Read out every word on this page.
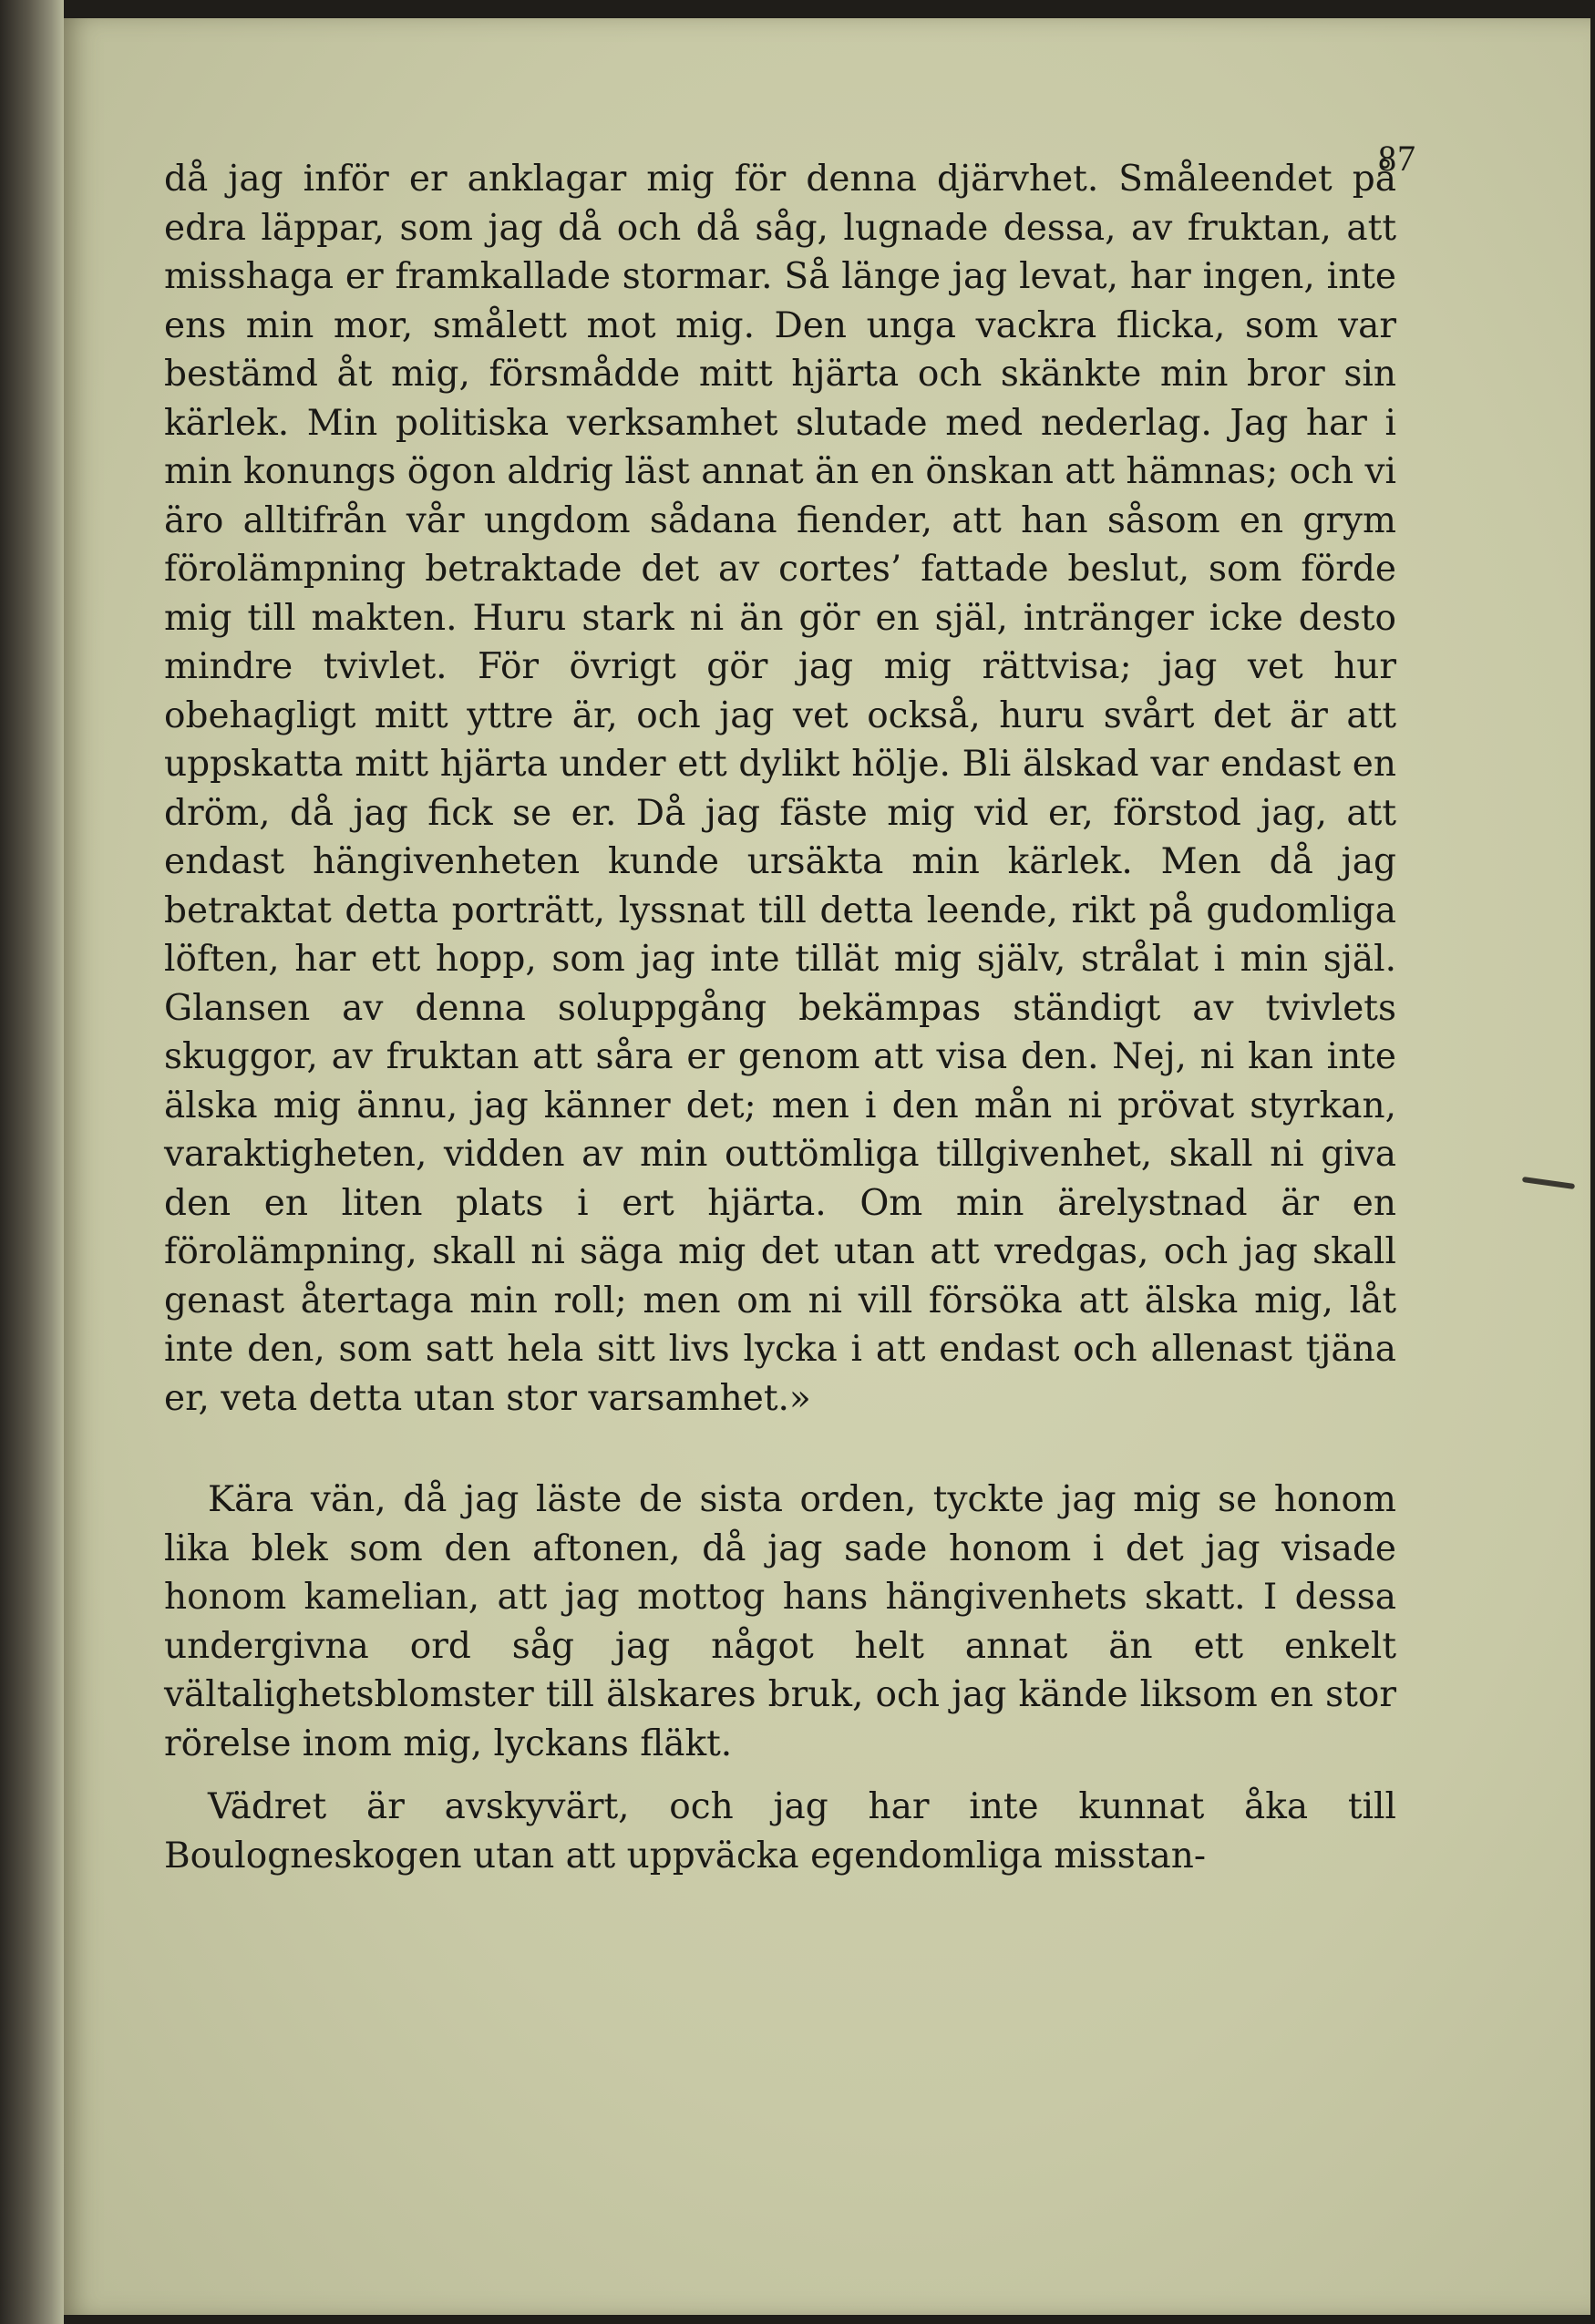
87

då jag inför er anklagar mig för denna djärvhet. Småleendet på edra läppar, som jag då och då såg, lugnade dessa, av fruktan, att misshaga er framkallade stormar. Så länge jag levat, har ingen, inte ens min mor, smålett mot mig. Den unga vackra flicka, som var bestämd åt mig, försmådde mitt hjärta och skänkte min bror sin kärlek. Min politiska verksamhet slutade med nederlag. Jag har i min konungs ögon aldrig läst annat än en önskan att hämnas; och vi äro alltifrån vår ungdom sådana fiender, att han såsom en grym förolämpning betraktade det av cortes’ fattade beslut, som förde mig till makten. Huru stark ni än gör en själ, intränger icke desto mindre tvivlet. För övrigt gör jag mig rättvisa; jag vet hur obehagligt mitt yttre är, och jag vet också, huru svårt det är att uppskatta mitt hjärta under ett dylikt hölje. Bli älskad var endast en dröm, då jag fick se er. Då jag fäste mig vid er, förstod jag, att endast hängivenheten kunde ursäkta min kärlek. Men då jag betraktat detta porträtt, lyssnat till detta leende, rikt på gudomliga löften, har ett hopp, som jag inte tillät mig själv, strålat i min själ. Glansen av denna soluppgång bekämpas ständigt av tvivlets skuggor, av fruktan att såra er genom att visa den. Nej, ni kan inte älska mig ännu, jag känner det; men i den mån ni prövat styrkan, varaktigheten, vidden av min outtömliga tillgivenhet, skall ni giva den en liten plats i ert hjärta. Om min ärelystnad är en förolämpning, skall ni säga mig det utan att vredgas, och jag skall genast återtaga min roll; men om ni vill försöka att älska mig, låt inte den, som satt hela sitt livs lycka i att endast och allenast tjäna er, veta detta utan stor varsamhet.»

Kära vän, då jag läste de sista orden, tyckte jag mig se honom lika blek som den aftonen, då jag sade honom i det jag visade honom kamelian, att jag mottog hans hängivenhets skatt. I dessa undergivna ord såg jag något helt annat än ett enkelt vältalighetsblomster till älskares bruk, och jag kände liksom en stor rörelse inom mig, lyckans fläkt.

Vädret är avskyvärt, och jag har inte kunnat åka till Boulogneskogen utan att uppväcka egendomliga misstan-
